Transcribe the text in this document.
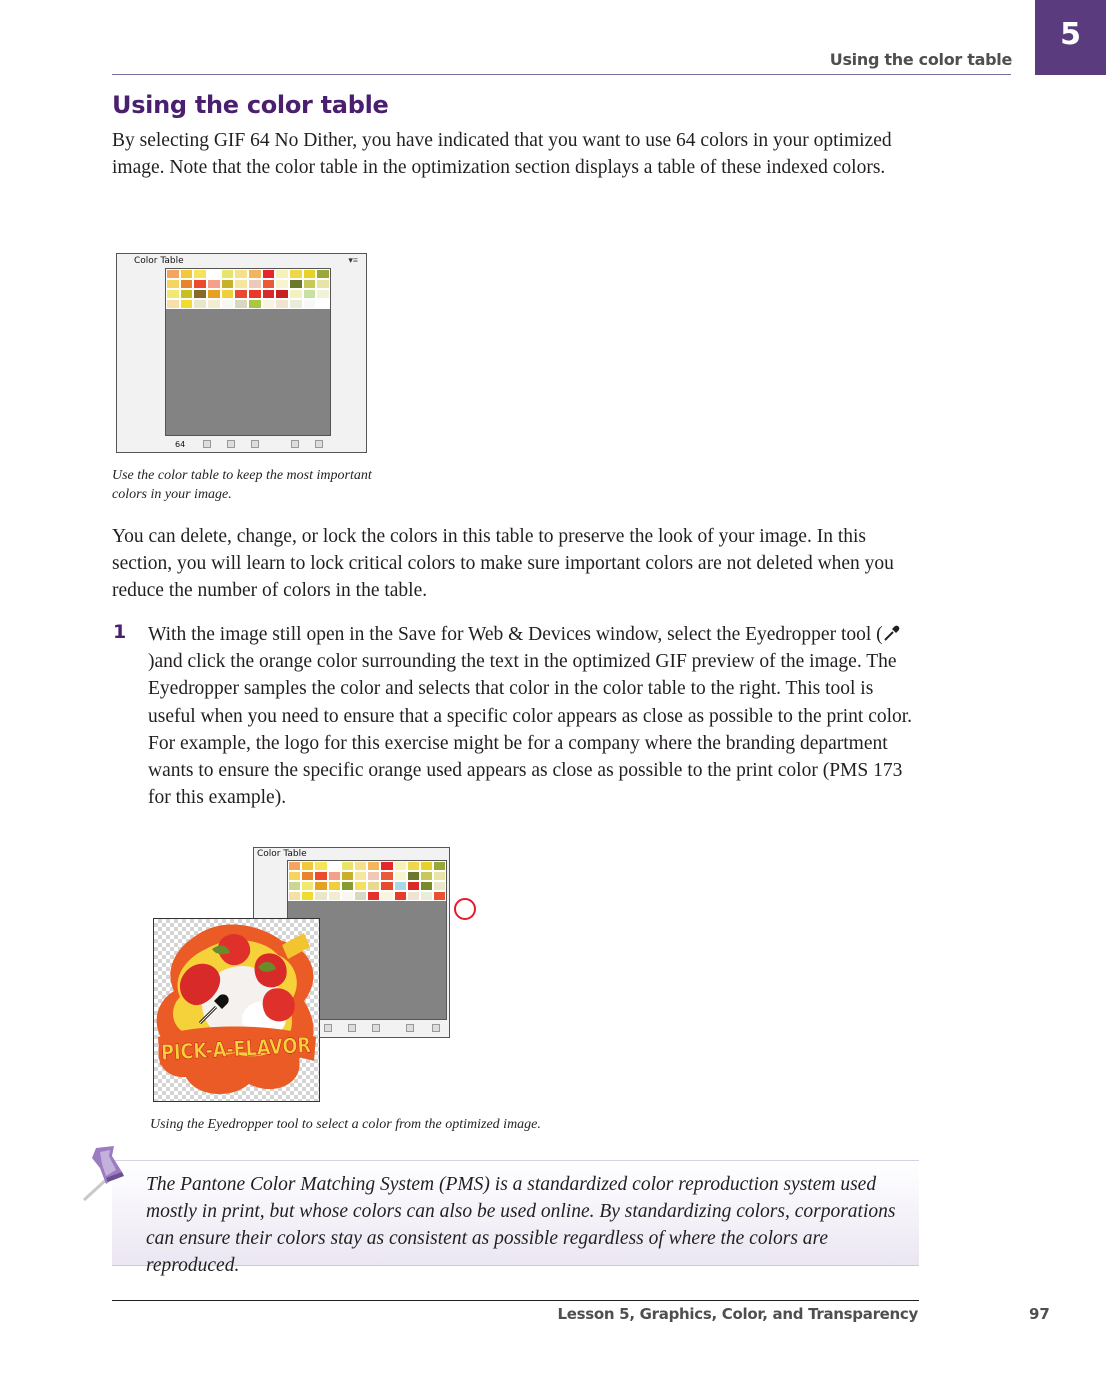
Using the color table
5
Using the color table

By selecting GIF 64 No Dither, you have indicated that you want to use 64 colors in your optimized image. Note that the color table in the optimization section displays a table of these indexed colors.

Color Table	▾≡
64

Use the color table to keep the most important colors in your image.

You can delete, change, or lock the colors in this table to preserve the look of your image. In this section, you will learn to lock critical colors to make sure important colors are not deleted when you reduce the number of colors in the table.

1 With the image still open in the Save for Web & Devices window, select the Eyedropper tool ()and click the orange color surrounding the text in the optimized GIF preview of the image. The Eyedropper samples the color and selects that color in the color table to the right. This tool is useful when you need to ensure that a specific color appears as close as possible to the print color. For example, the logo for this exercise might be for a company where the branding department wants to ensure the specific orange used appears as close as possible to the print color (PMS 173 for this example).

Color Table
PICK-A-FLAVOR

Using the Eyedropper tool to select a color from the optimized image.

The Pantone Color Matching System (PMS) is a standardized color reproduction system used mostly in print, but whose colors can also be used online. By standardizing colors, corporations can ensure their colors stay as consistent as possible regardless of where the colors are reproduced.

Lesson 5, Graphics, Color, and Transparency	97
